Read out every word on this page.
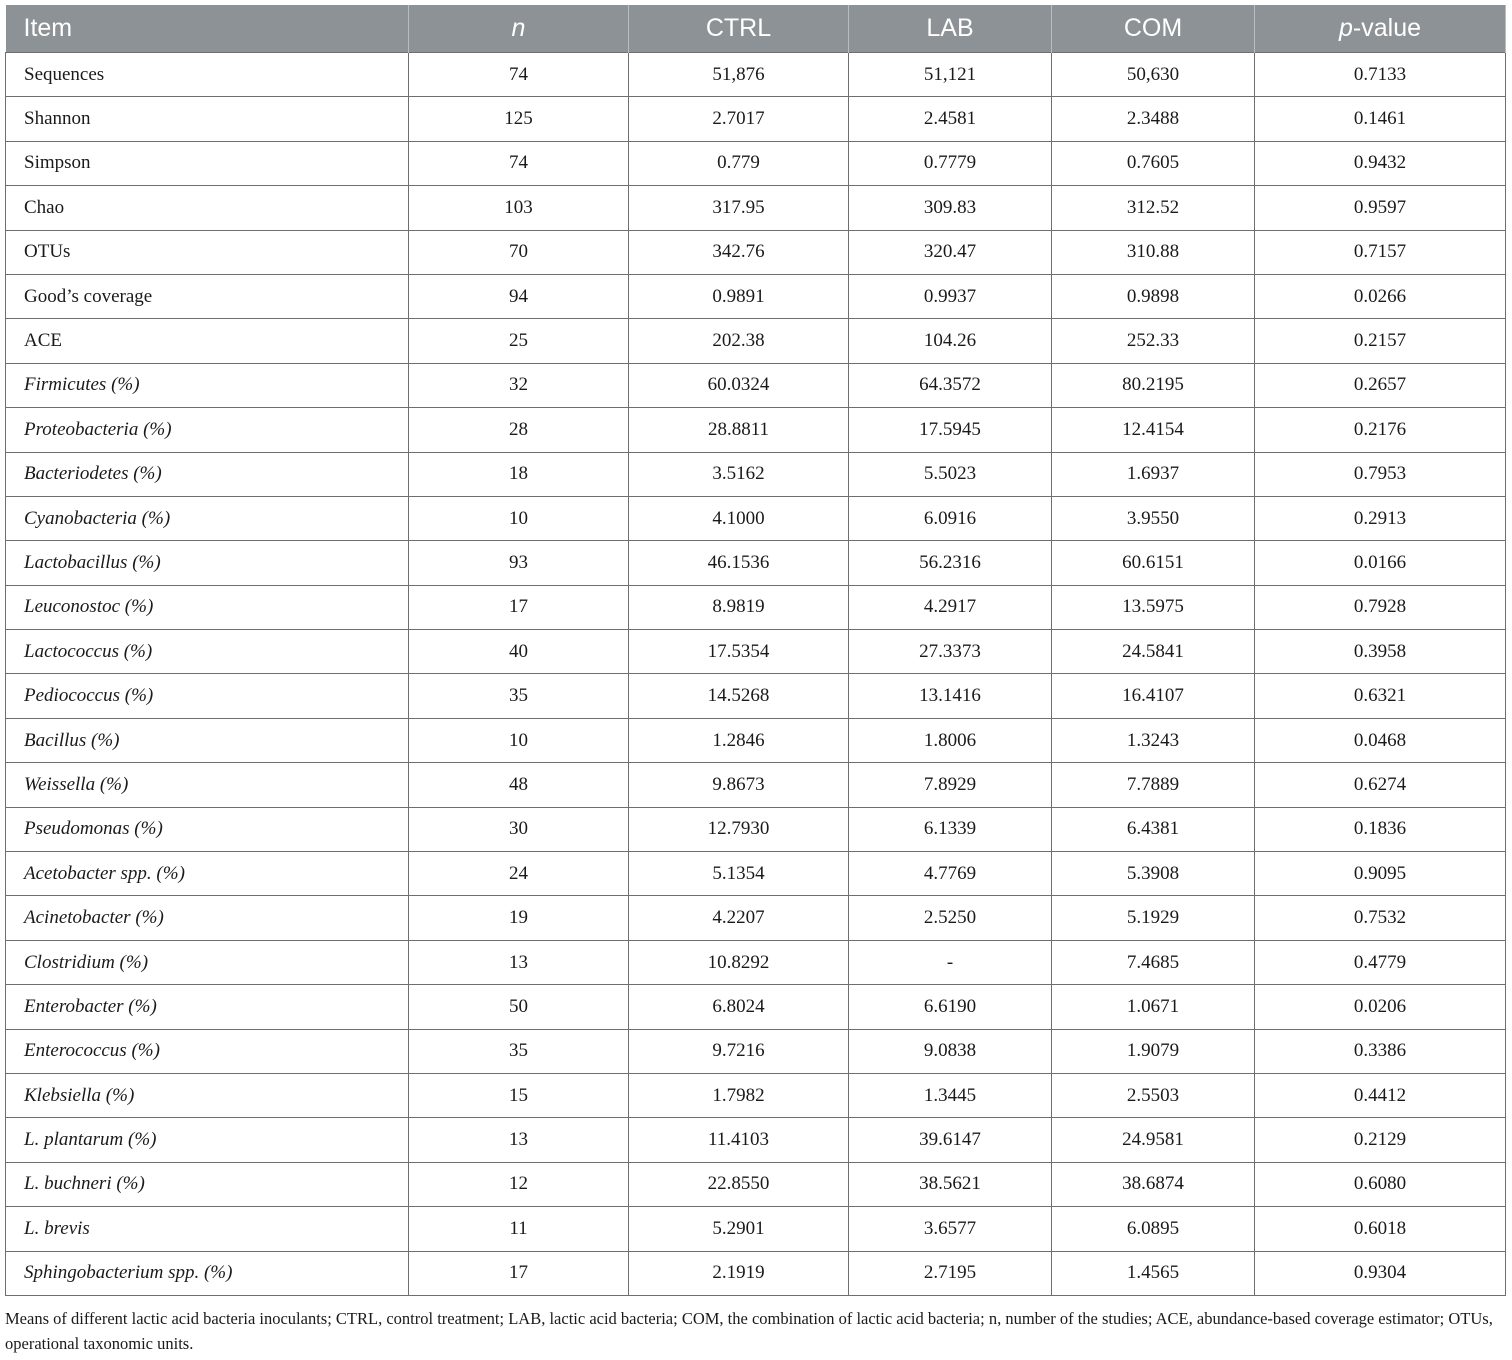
Item	n	CTRL	LAB	COM	p-value
Sequences	74	51,876	51,121	50,630	0.7133
Shannon	125	2.7017	2.4581	2.3488	0.1461
Simpson	74	0.779	0.7779	0.7605	0.9432
Chao	103	317.95	309.83	312.52	0.9597
OTUs	70	342.76	320.47	310.88	0.7157
Good’s coverage	94	0.9891	0.9937	0.9898	0.0266
ACE	25	202.38	104.26	252.33	0.2157
Firmicutes (%)	32	60.0324	64.3572	80.2195	0.2657
Proteobacteria (%)	28	28.8811	17.5945	12.4154	0.2176
Bacteriodetes (%)	18	3.5162	5.5023	1.6937	0.7953
Cyanobacteria (%)	10	4.1000	6.0916	3.9550	0.2913
Lactobacillus (%)	93	46.1536	56.2316	60.6151	0.0166
Leuconostoc (%)	17	8.9819	4.2917	13.5975	0.7928
Lactococcus (%)	40	17.5354	27.3373	24.5841	0.3958
Pediococcus (%)	35	14.5268	13.1416	16.4107	0.6321
Bacillus (%)	10	1.2846	1.8006	1.3243	0.0468
Weissella (%)	48	9.8673	7.8929	7.7889	0.6274
Pseudomonas (%)	30	12.7930	6.1339	6.4381	0.1836
Acetobacter spp. (%)	24	5.1354	4.7769	5.3908	0.9095
Acinetobacter (%)	19	4.2207	2.5250	5.1929	0.7532
Clostridium (%)	13	10.8292	-	7.4685	0.4779
Enterobacter (%)	50	6.8024	6.6190	1.0671	0.0206
Enterococcus (%)	35	9.7216	9.0838	1.9079	0.3386
Klebsiella (%)	15	1.7982	1.3445	2.5503	0.4412
L. plantarum (%)	13	11.4103	39.6147	24.9581	0.2129
L. buchneri (%)	12	22.8550	38.5621	38.6874	0.6080
L. brevis	11	5.2901	3.6577	6.0895	0.6018
Sphingobacterium spp. (%)	17	2.1919	2.7195	1.4565	0.9304
Means of different lactic acid bacteria inoculants; CTRL, control treatment; LAB, lactic acid bacteria; COM, the combination of lactic acid bacteria; n, number of the studies; ACE, abundance-based coverage estimator; OTUs, operational taxonomic units.
